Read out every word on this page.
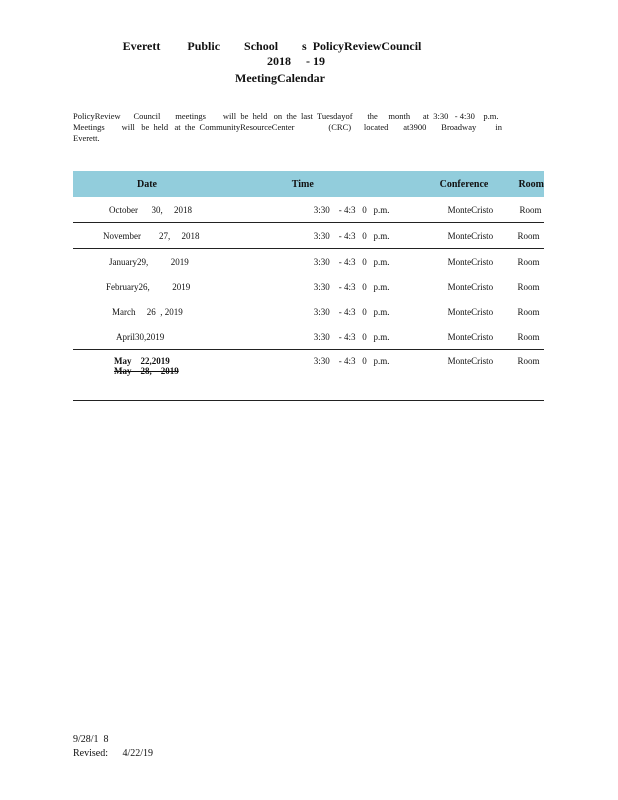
Everett         Public        School        s  PolicyReviewCouncil
2018     - 19
MeetingCalendar
PolicyReview      Council       meetings        will  be  held   on  the  last  Tuesdayof       the     month      at  3:30   - 4:30    p.m.
Meetings        will   be  held   at  the  CommunityResourceCenter                (CRC)      located       at3900       Broadway         in
Everett.
Date	Time	Conference	Room
October      30,     2018	3:30    - 4:3   0   p.m.	MonteCristo	Room
November        27,     2018	3:30    - 4:3   0   p.m.	MonteCristo	Room
January29,          2019	3:30    - 4:3   0   p.m.	MonteCristo	Room
February26,          2019	3:30    - 4:3   0   p.m.	MonteCristo	Room
March     26  , 2019	3:30    - 4:3   0   p.m.	MonteCristo	Room
April30,2019	3:30    - 4:3   0   p.m.	MonteCristo	Room

May    22,2019
May    28,    2019	3:30    - 4:3   0   p.m.	MonteCristo	Room
9/28/1  8
Revised: 4/22/19
